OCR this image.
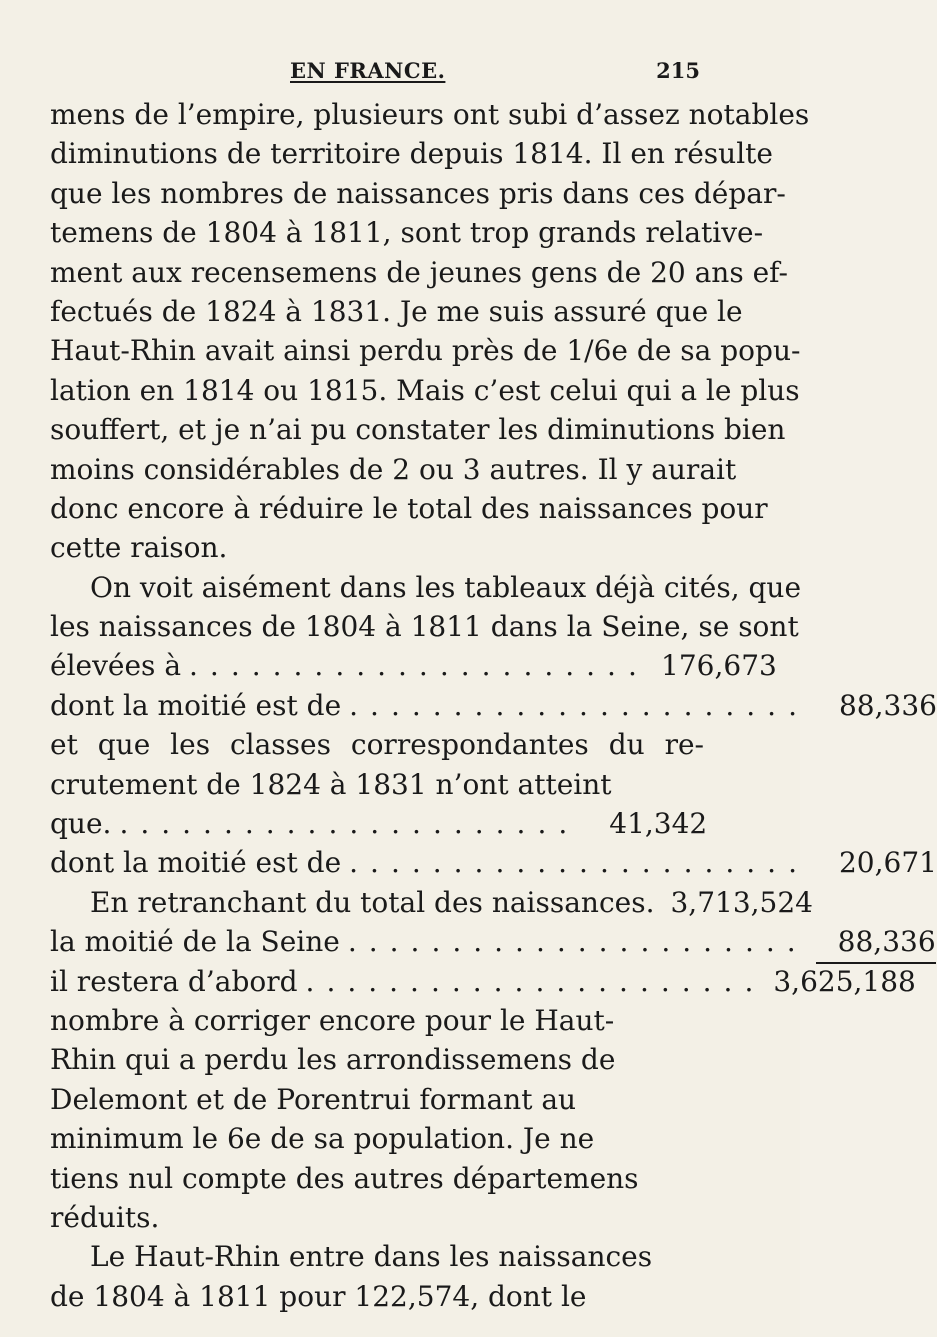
EN FRANCE.	215
mens de l’empire, plusieurs ont subi d’assez notables
diminutions de territoire depuis 1814. Il en résulte
que les nombres de naissances pris dans ces dépar-
temens de 1804 à 1811, sont trop grands relative-
ment aux recensemens de jeunes gens de 20 ans ef-
fectués de 1824 à 1831. Je me suis assuré que le
Haut-Rhin avait ainsi perdu près de 1/6e de sa popu-
lation en 1814 ou 1815. Mais c’est celui qui a le plus
souffert, et je n’ai pu constater les diminutions bien
moins considérables de 2 ou 3 autres. Il y aurait
donc encore à réduire le total des naissances pour
cette raison.
On voit aisément dans les tableaux déjà cités, que
les naissances de 1804 à 1811 dans la Seine, se sont
élevées à ...................... 176,673
dont la moitié est de ......................	88,336
et que les classes correspondantes du re-
crutement de 1824 à 1831 n’ont atteint
que. ......................	41,342
dont la moitié est de ......................	20,671
En retranchant du total des naissances. 3,713,524
la moitié de la Seine ......................	88,336
il restera d’abord ...................... 3,625,188
nombre à corriger encore pour le Haut-
Rhin qui a perdu les arrondissemens de
Delemont et de Porentrui formant au
minimum le 6e de sa population. Je ne
tiens nul compte des autres départemens
réduits.
Le Haut-Rhin entre dans les naissances
de 1804 à 1811 pour 122,574, dont le
